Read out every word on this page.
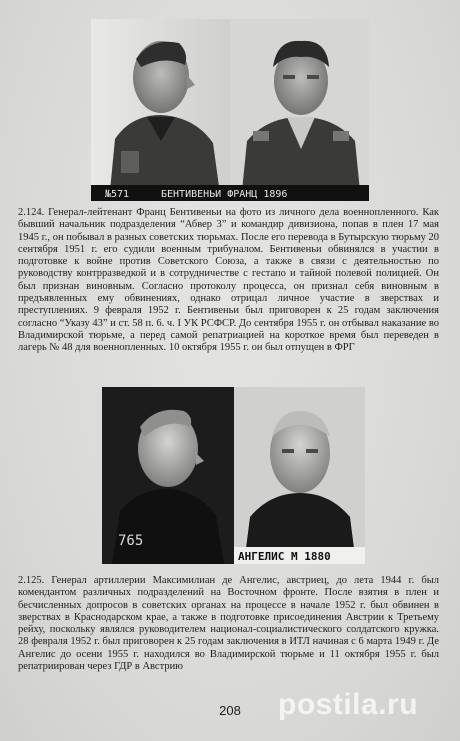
№571	БЕНТИВЕНЬИ ФРАНЦ 1896

2.124. Генерал-лейтенант Франц Бентивеньи на фото из личного дела военнопленного. Как бывший начальник подразделения “Абвер 3” и командир дивизиона, попав в плен 17 мая 1945 г., он побывал в разных советских тюрьмах. После его перевода в Бутырскую тюрьму 20 сентября 1951 г. его судили военным трибуналом. Бентивеньи обвинялся в участии в подготовке к войне против Советского Союза, а также в связи с деятельностью по руководству контрразведкой и в сотрудничестве с гестапо и тайной полевой полицией. Он был признан виновным. Согласно протоколу процесса, он признал себя виновным в предъявленных ему обвинениях, однако отрицал личное участие в зверствах и преступлениях. 9 февраля 1952 г. Бентивеньи был приговорен к 25 годам заключения согласно “Указу 43” и ст. 58 п. 6. ч. I УК РСФСР. До сентября 1955 г. он отбывал наказание во Владимирской тюрьме, а перед самой репатриацией на короткое время был переведен в лагерь № 48 для военнопленных. 10 октября 1955 г. он был отпущен в ФРГ

765
АНГЕЛИС М 1880

2.125. Генерал артиллерии Максимилиан де Ангелис, австриец, до лета 1944 г. был комендантом различных подразделений на Восточном фронте. После взятия в плен и бесчисленных допросов в советских органах на процессе в начале 1952 г. был обвинен в зверствах в Краснодарском крае, а также в подготовке присоединения Австрии к Третьему рейху, поскольку являлся руководителем национал-социалистического солдатского кружка. 28 февраля 1952 г. был приговорен к 25 годам заключения в ИТЛ начиная с 6 марта 1949 г. Де Ангелис до осени 1955 г. находился во Владимирской тюрьме и 11 октября 1955 г. был репатриирован через ГДР в Австрию

208	postila.ru
